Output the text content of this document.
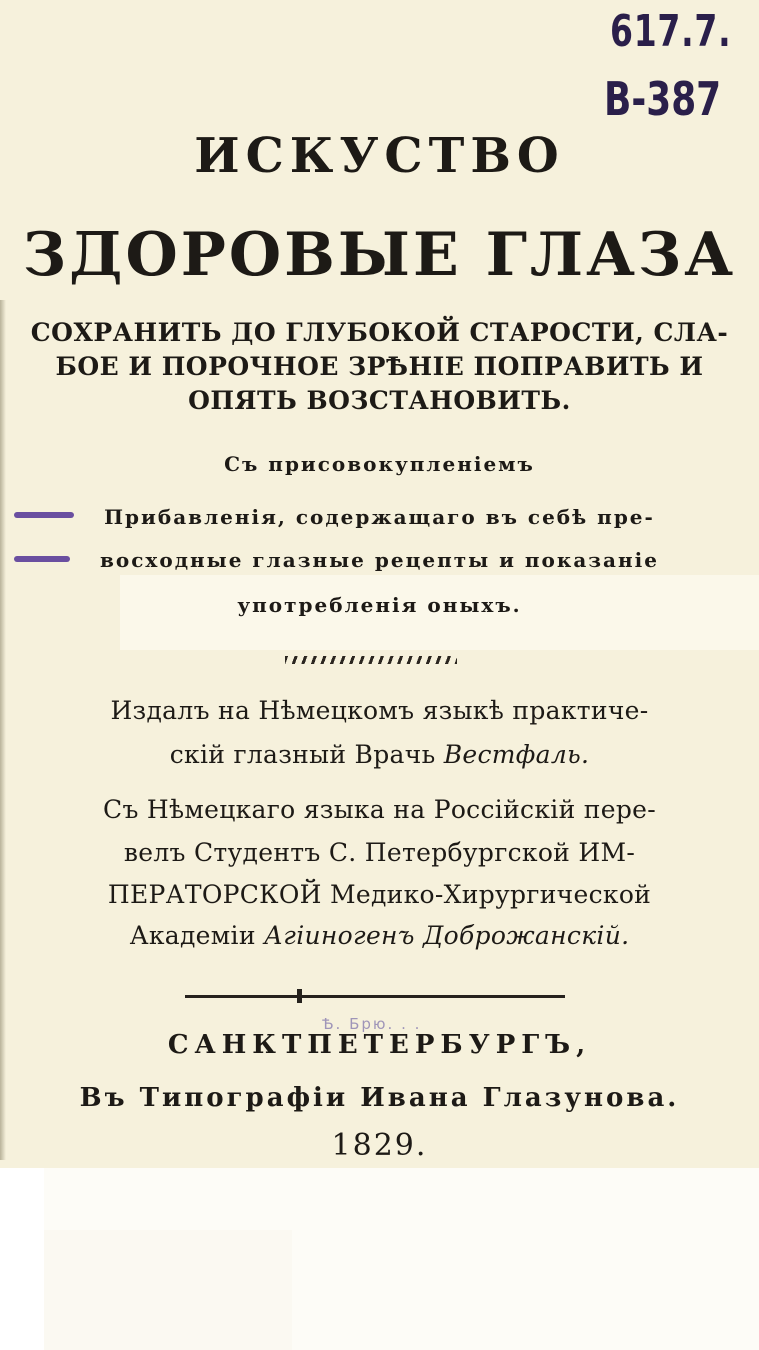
617.7.
B-387
ИСКУСТВО
ЗДОРОВЫЕ ГЛАЗА
СОХРАНИТЬ ДО ГЛУБОКОЙ СТАРОСТИ, СЛА-
БОЕ И ПОРОЧНОЕ ЗРѢНІЕ ПОПРАВИТЬ И
ОПЯТЬ ВОЗСТАНОВИТЬ.
Съ присовокупленіемъ
Прибавленія, содержащаго въ себѣ пре-
восходные глазные рецепты и показаніе
употребленія оныхъ.
Издалъ на Нѣмецкомъ языкѣ практиче-
скій глазный Врачь Вестфаль.
Съ Нѣмецкаго языка на Россійскій пере-
велъ Студентъ С. Петербургской ИМ-
ПЕРАТОРСКОЙ Медико-Хирургической
Академіи Агіиногенъ Доброжанскій.
Ѣ. Брю. . .
САНКТПЕТЕРБУРГЪ,
Въ Типографіи Ивана Глазунова.
1829.
